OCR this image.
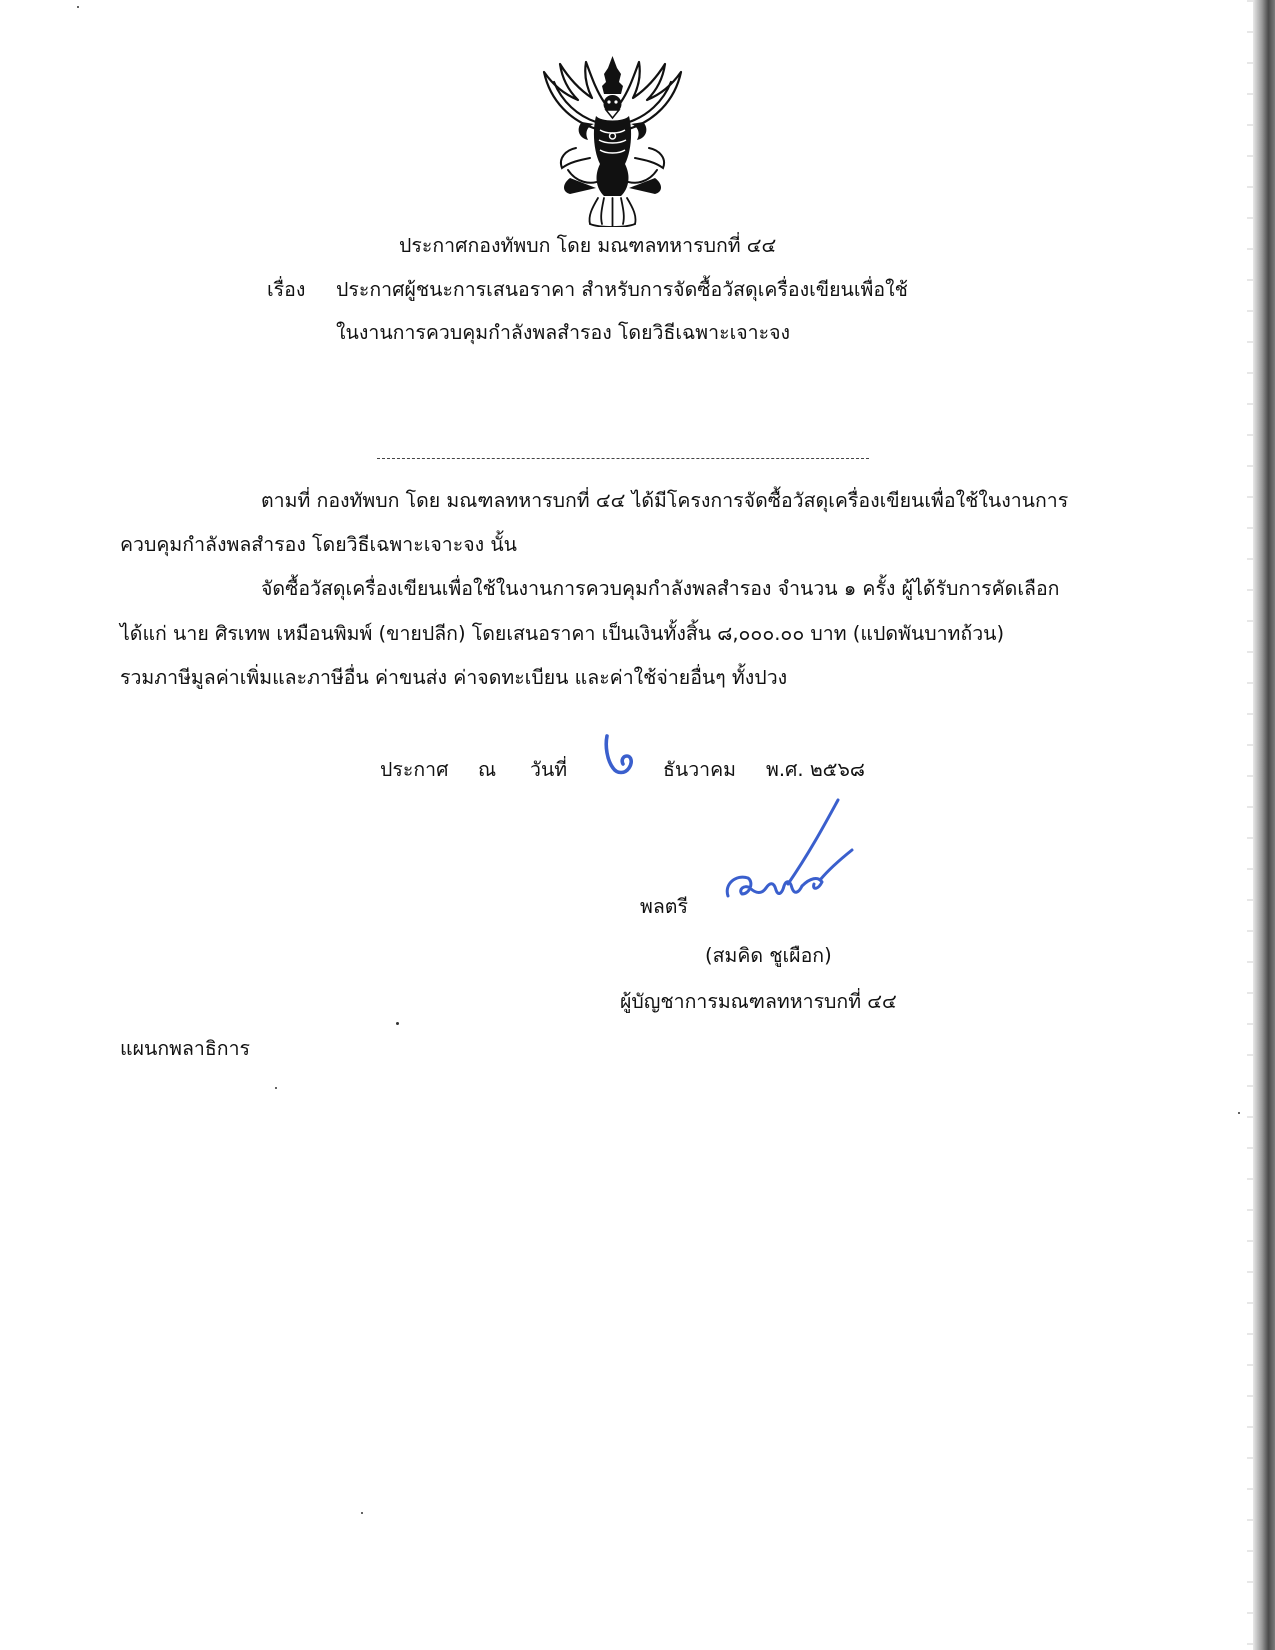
ประกาศกองทัพบก โดย มณฑลทหารบกที่ ๔๔
เรื่อง ประกาศผู้ชนะการเสนอราคา สำหรับการจัดซื้อวัสดุเครื่องเขียนเพื่อใช้
ในงานการควบคุมกำลังพลสำรอง โดยวิธีเฉพาะเจาะจง
ตามที่ กองทัพบก โดย มณฑลทหารบกที่ ๔๔ ได้มีโครงการจัดซื้อวัสดุเครื่องเขียนเพื่อใช้ในงานการ
ควบคุมกำลังพลสำรอง โดยวิธีเฉพาะเจาะจง นั้น
จัดซื้อวัสดุเครื่องเขียนเพื่อใช้ในงานการควบคุมกำลังพลสำรอง จำนวน ๑ ครั้ง ผู้ได้รับการคัดเลือก
ได้แก่ นาย ศิรเทพ เหมือนพิมพ์ (ขายปลีก) โดยเสนอราคา เป็นเงินทั้งสิ้น ๘,๐๐๐.๐๐ บาท (แปดพันบาทถ้วน)
รวมภาษีมูลค่าเพิ่มและภาษีอื่น ค่าขนส่ง ค่าจดทะเบียน และค่าใช้จ่ายอื่นๆ ทั้งปวง
ประกาศ ณ วันที่	ธันวาคม พ.ศ. ๒๕๖๘
พลตรี
(สมคิด ชูเผือก)
ผู้บัญชาการมณฑลทหารบกที่ ๔๔
แผนกพลาธิการ
